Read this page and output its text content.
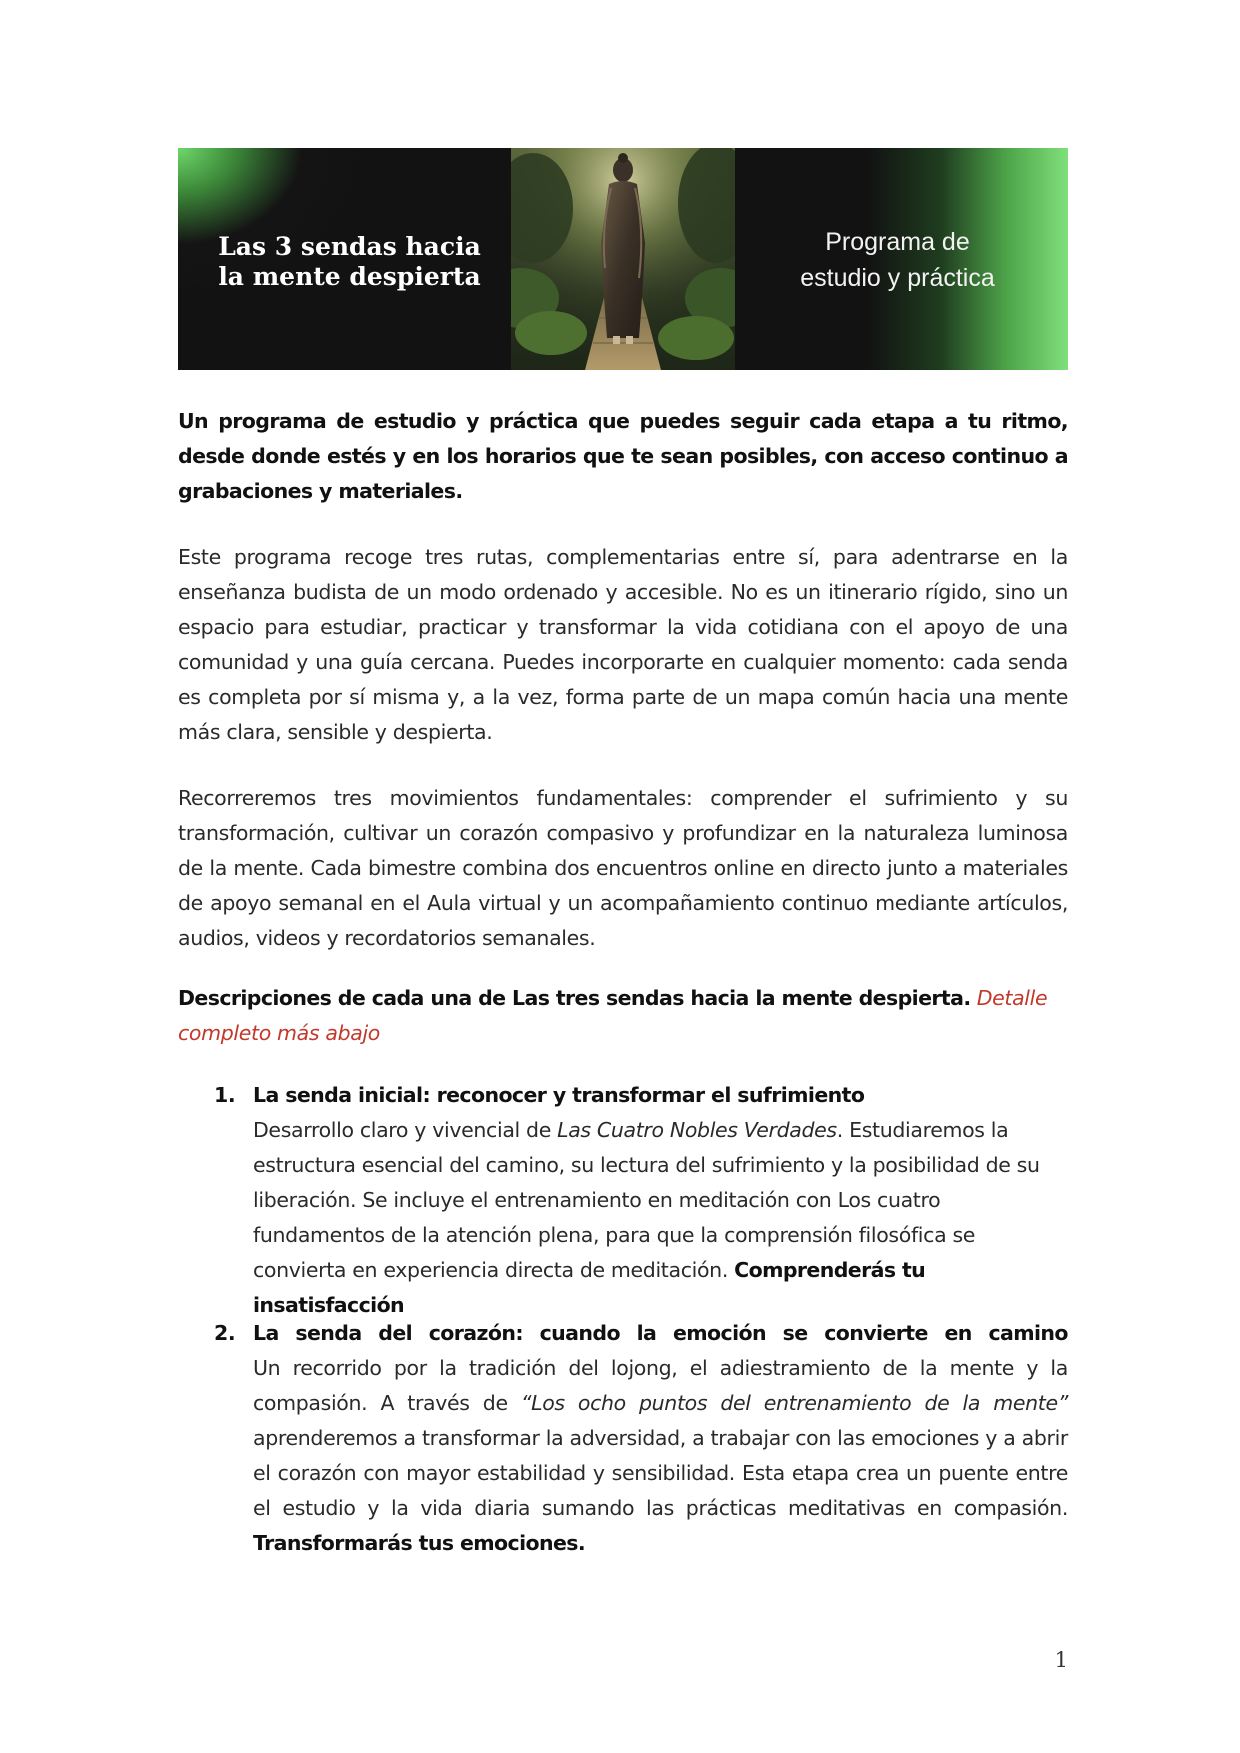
Las 3 sendas hacia
la mente despierta
Programa de
estudio y práctica

Un programa de estudio y práctica que puedes seguir cada etapa a tu ritmo, desde donde estés y en los horarios que te sean posibles, con acceso continuo a grabaciones y materiales.

Este programa recoge tres rutas, complementarias entre sí, para adentrarse en la enseñanza budista de un modo ordenado y accesible. No es un itinerario rígido, sino un espacio para estudiar, practicar y transformar la vida cotidiana con el apoyo de una comunidad y una guía cercana. Puedes incorporarte en cualquier momento: cada senda es completa por sí misma y, a la vez, forma parte de un mapa común hacia una mente más clara, sensible y despierta.

Recorreremos tres movimientos fundamentales: comprender el sufrimiento y su transformación, cultivar un corazón compasivo y profundizar en la naturaleza luminosa de la mente. Cada bimestre combina dos encuentros online en directo junto a materiales de apoyo semanal en el Aula virtual y un acompañamiento continuo mediante artículos, audios, videos y recordatorios semanales.

Descripciones de cada una de Las tres sendas hacia la mente despierta. Detalle completo más abajo

1. La senda inicial: reconocer y transformar el sufrimiento
Desarrollo claro y vivencial de Las Cuatro Nobles Verdades. Estudiaremos la estructura esencial del camino, su lectura del sufrimiento y la posibilidad de su liberación. Se incluye el entrenamiento en meditación con Los cuatro fundamentos de la atención plena, para que la comprensión filosófica se convierta en experiencia directa de meditación. Comprenderás tu insatisfacción
2. La senda del corazón: cuando la emoción se convierte en camino
Un recorrido por la tradición del lojong, el adiestramiento de la mente y la compasión. A través de “Los ocho puntos del entrenamiento de la mente” aprenderemos a transformar la adversidad, a trabajar con las emociones y a abrir el corazón con mayor estabilidad y sensibilidad. Esta etapa crea un puente entre el estudio y la vida diaria sumando las prácticas meditativas en compasión. Transformarás tus emociones.
1
